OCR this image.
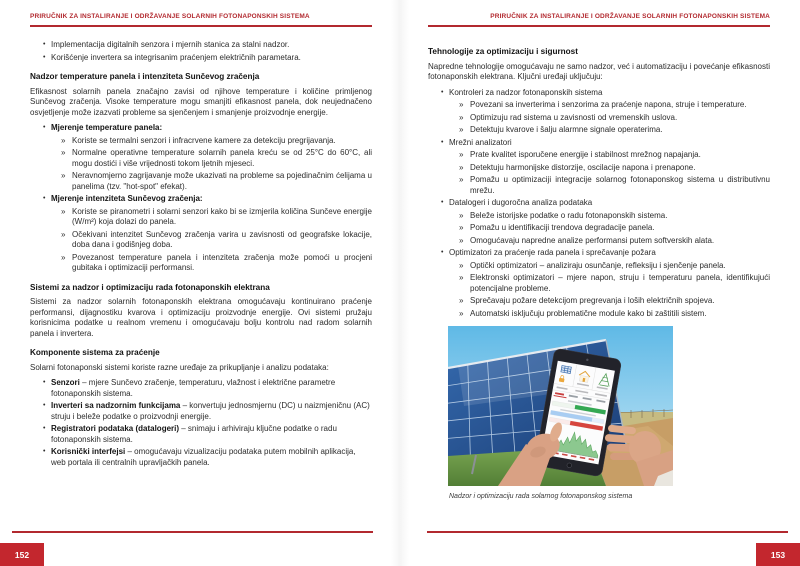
PRIRUČNIK ZA INSTALIRANJE I ODRŽAVANJE SOLARNIH FOTONAPONSKIH SISTEMA
• Implementacija digitalnih senzora i mjernih stanica za stalni nadzor.
• Korišćenje invertera sa integrisanim praćenjem električnih parametara.
Nadzor temperature panela i intenziteta Sunčevog zračenja
Efikasnost solarnih panela značajno zavisi od njihove temperature i količine primljenog Sunčevog zračenja. Visoke temperature mogu smanjiti efikasnost panela, dok neujednačeno osvjetljenje može izazvati probleme sa sjenčenjem i smanjenje proizvodnje energije.
• Mjerenje temperature panela:
» Koriste se termalni senzori i infracrvene kamere za detekciju pregrijavanja.
» Normalne operativne temperature solarnih panela kreću se od 25°C do 60°C, ali mogu dostići i više vrijednosti tokom ljetnih mjeseci.
» Neravnomjerno zagrijavanje može ukazivati na probleme sa pojedinačnim ćelijama u panelima (tzv. "hot-spot" efekat).
• Mjerenje intenziteta Sunčevog zračenja:
» Koriste se piranometri i solarni senzori kako bi se izmjerila količina Sunčeve energije (W/m²) koja dolazi do panela.
» Očekivani intenzitet Sunčevog zračenja varira u zavisnosti od geografske lokacije, doba dana i godišnjeg doba.
» Povezanost temperature panela i intenziteta zračenja može pomoći u procjeni gubitaka i optimizaciji performansi.
Sistemi za nadzor i optimizaciju rada fotonaponskih elektrana
Sistemi za nadzor solarnih fotonaponskih elektrana omogućavaju kontinuirano praćenje performansi, dijagnostiku kvarova i optimizaciju proizvodnje energije. Ovi sistemi pružaju korisnicima podatke u realnom vremenu i omogućavaju bolju kontrolu nad radom solarnih panela i invertera.
Komponente sistema za praćenje
Solarni fotonaponski sistemi koriste razne uređaje za prikupljanje i analizu podataka:
• Senzori – mjere Sunčevo zračenje, temperaturu, vlažnost i električne parametre fotonaponskih sistema.
• Inverteri sa nadzornim funkcijama – konvertuju jednosmjernu (DC) u naizmjeničnu (AC) struju i beleže podatke o proizvodnji energije.
• Registratori podataka (datalogeri) – snimaju i arhiviraju ključne podatke o radu fotonaponskih sistema.
• Korisnički interfejsi – omogućavaju vizualizaciju podataka putem mobilnih aplikacija, web portala ili centralnih upravljačkih panela.
152
PRIRUČNIK ZA INSTALIRANJE I ODRŽAVANJE SOLARNIH FOTONAPONSKIH SISTEMA
Tehnologije za optimizaciju i sigurnost
Napredne tehnologije omogućavaju ne samo nadzor, već i automatizaciju i povećanje efikasnosti fotonaponskih elektrana. Ključni uređaji uključuju:
• Kontroleri za nadzor fotonaponskih sistema
» Povezani sa inverterima i senzorima za praćenje napona, struje i temperature.
» Optimizuju rad sistema u zavisnosti od vremenskih uslova.
» Detektuju kvarove i šalju alarmne signale operaterima.
• Mrežni analizatori
» Prate kvalitet isporučene energije i stabilnost mrežnog napajanja.
» Detektuju harmonijske distorzije, oscilacije napona i prenapone.
» Pomažu u optimizaciji integracije solarnog fotonaponskog sistema u distributivnu mrežu.
• Datalogeri i dugoročna analiza podataka
» Beleže istorijske podatke o radu fotonaponskih sistema.
» Pomažu u identifikaciji trendova degradacije panela.
» Omogućavaju napredne analize performansi putem softverskih alata.
• Optimizatori za praćenje rada panela i sprečavanje požara
» Optički optimizatori – analiziraju osunčanje, refleksiju i sjenčenje panela.
» Elektronski optimizatori – mjere napon, struju i temperaturu panela, identifikujući potencijalne probleme.
» Sprečavaju požare detekcijom pregrevanja i loših električnih spojeva.
» Automatski isključuju problematične module kako bi zaštitili sistem.
Nadzor i optimizaciju rada solarnog fotonaponskog sistema
153
